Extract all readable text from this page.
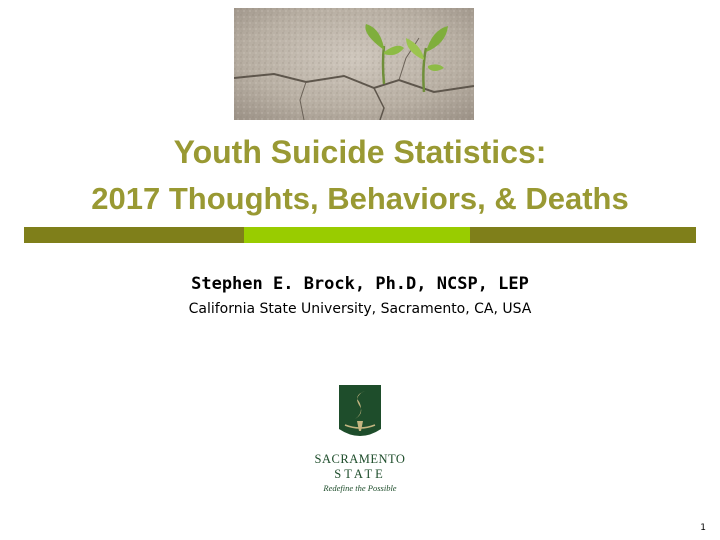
Youth Suicide Statistics:
2017 Thoughts, Behaviors, & Deaths
Stephen E. Brock, Ph.D, NCSP, LEP
California State University, Sacramento, CA, USA
SACRAMENTO
STATE
Redefine the Possible
1
